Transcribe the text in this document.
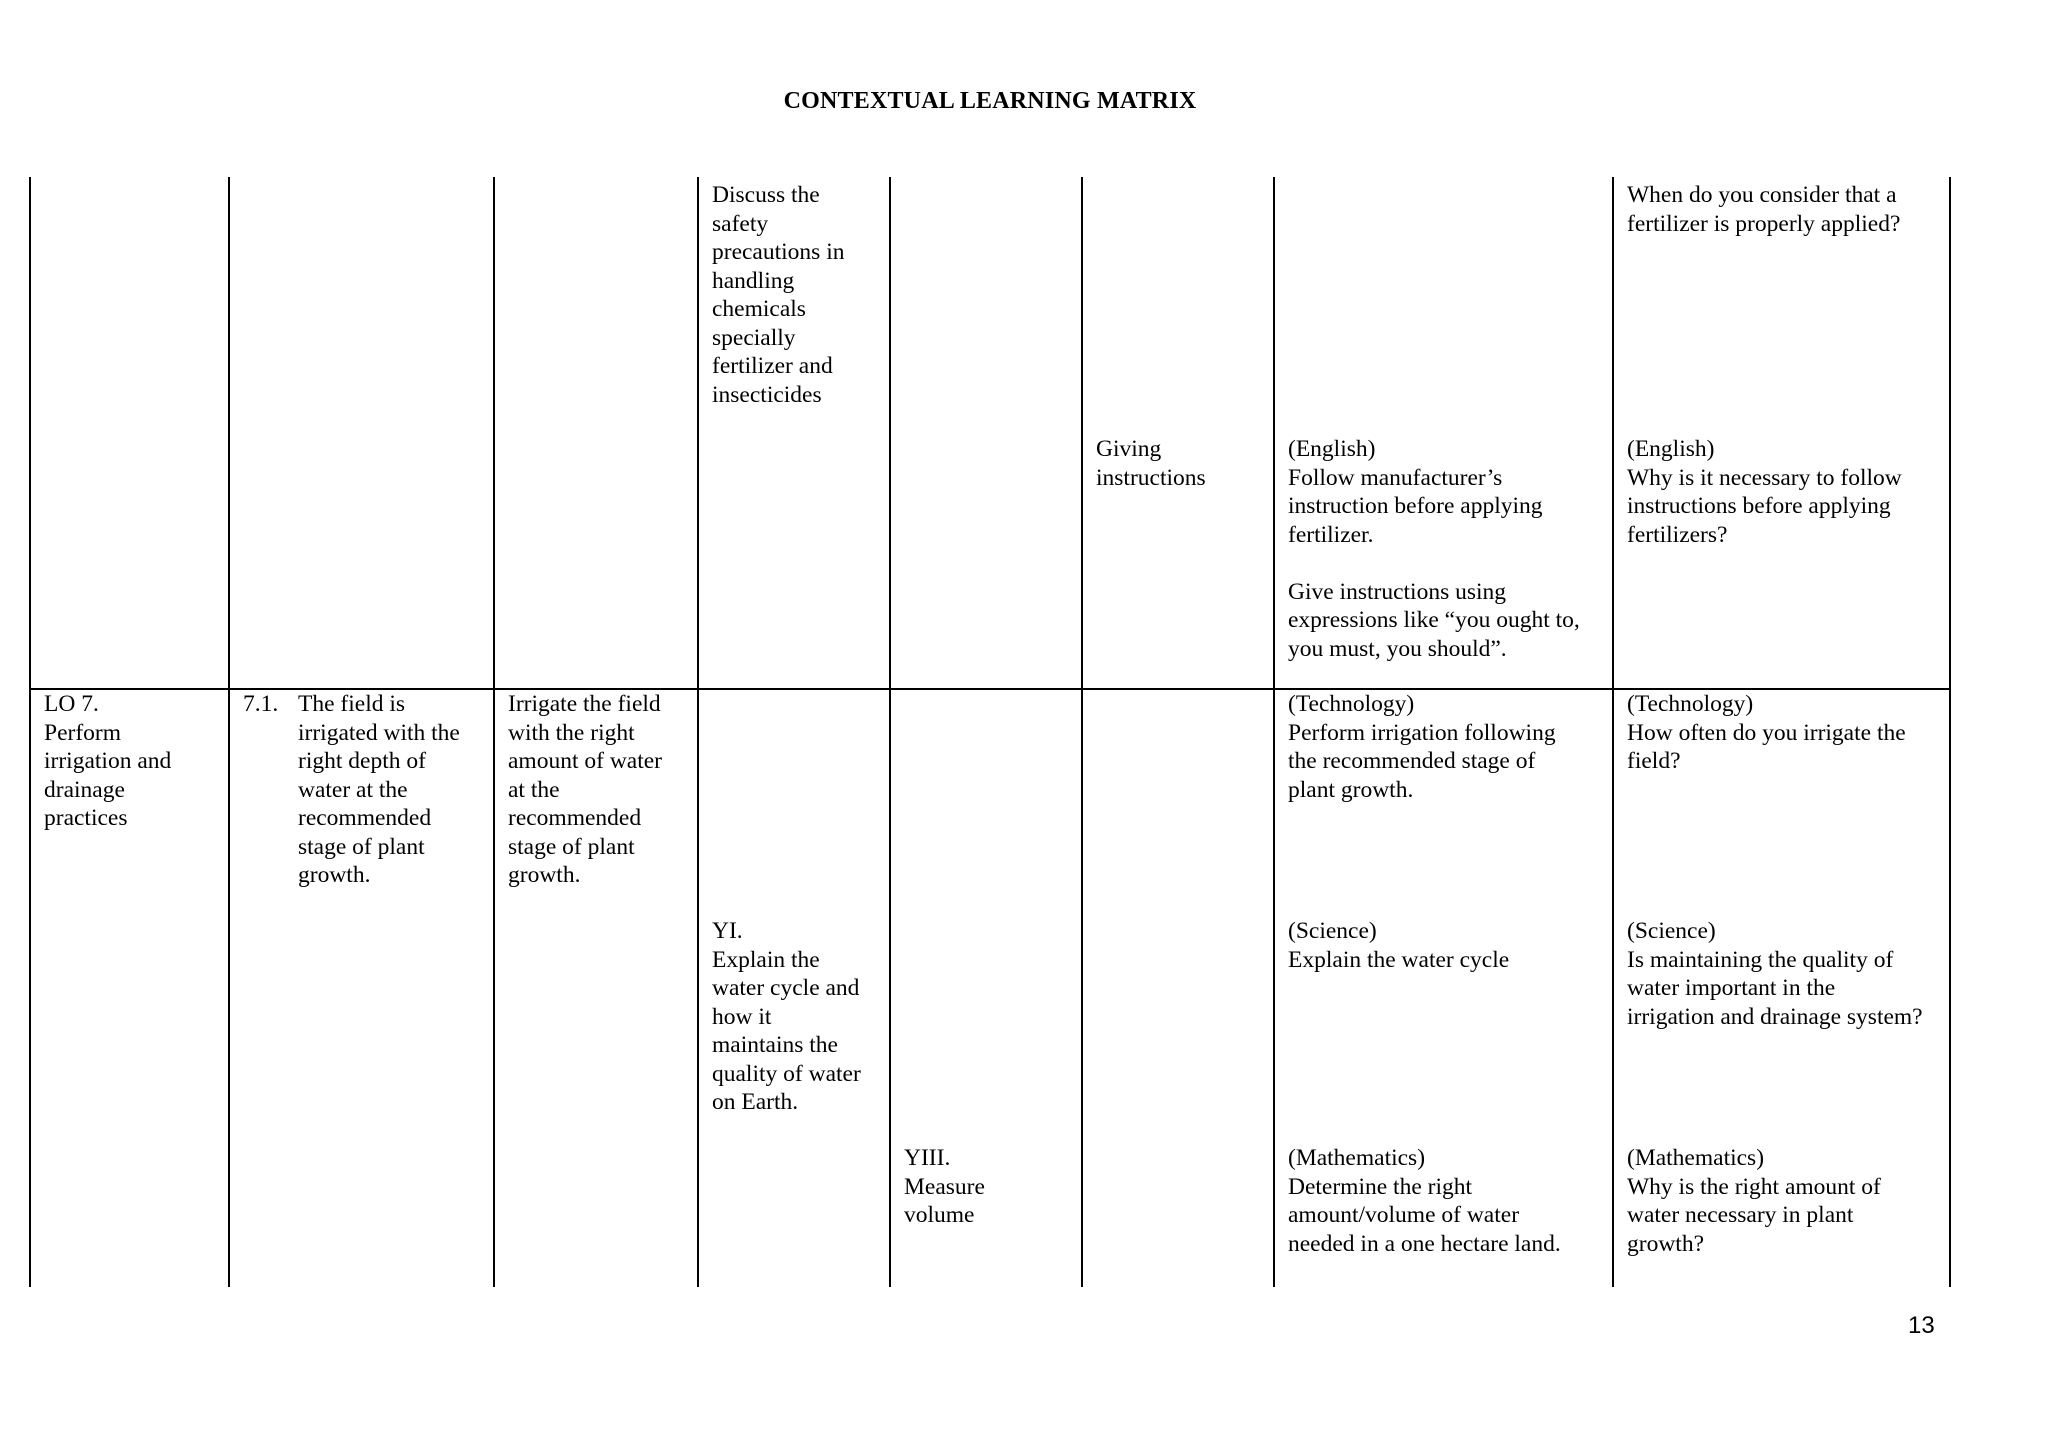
CONTEXTUAL LEARNING MATRIX
Discuss the
safety
precautions in
handling
chemicals
specially
fertilizer and
insecticides
When do you consider that a
fertilizer is properly applied?
Giving
instructions
(English)
Follow manufacturer’s
instruction before applying
fertilizer.

Give instructions using
expressions like “you ought to,
you must, you should”.
(English)
Why is it necessary to follow
instructions before applying
fertilizers?
LO 7.
Perform
irrigation and
drainage
practices
7.1. The field is
irrigated with the
right depth of
water at the
recommended
stage of plant
growth.
Irrigate the field
with the right
amount of water
at the
recommended
stage of plant
growth.
(Technology)
Perform irrigation following
the recommended stage of
plant growth.
(Technology)
How often do you irrigate the
field?
YI.
Explain the
water cycle and
how it
maintains the
quality of water
on Earth.
(Science)
Explain the water cycle
(Science)
Is maintaining the quality of
water important in the
irrigation and drainage system?
YIII.
Measure
volume
(Mathematics)
Determine the right
amount/volume of water
needed in a one hectare land.
(Mathematics)
Why is the right amount of
water necessary in plant
growth?
13
